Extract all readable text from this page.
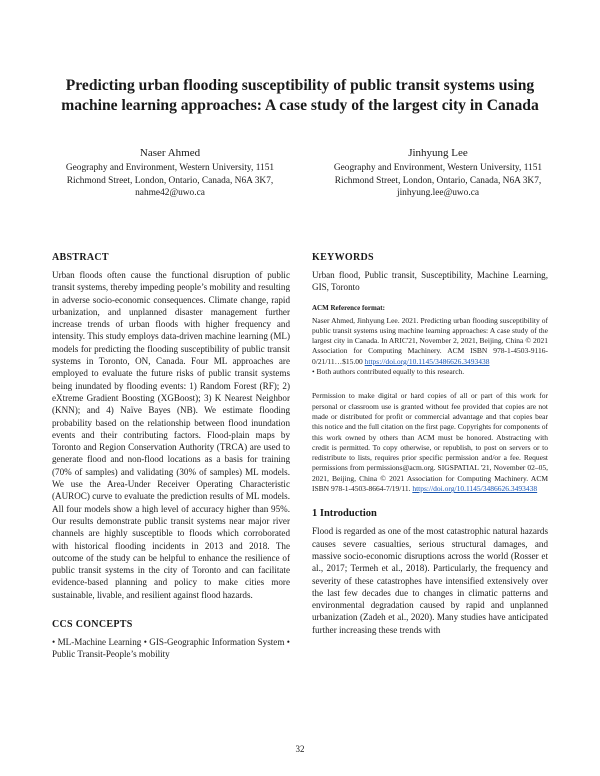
Predicting urban flooding susceptibility of public transit systems using machine learning approaches: A case study of the largest city in Canada
Naser Ahmed
Geography and Environment, Western University, 1151 Richmond Street, London, Ontario, Canada, N6A 3K7,
nahme42@uwo.ca
Jinhyung Lee
Geography and Environment, Western University, 1151 Richmond Street, London, Ontario, Canada, N6A 3K7,
jinhyung.lee@uwo.ca
ABSTRACT

Urban floods often cause the functional disruption of public transit systems, thereby impeding people’s mobility and resulting in adverse socio-economic consequences. Climate change, rapid urbanization, and unplanned disaster management further increase trends of urban floods with higher frequency and intensity. This study employs data-driven machine learning (ML) models for predicting the flooding susceptibility of public transit systems in Toronto, ON, Canada. Four ML approaches are employed to evaluate the future risks of public transit systems being inundated by flooding events: 1) Random Forest (RF); 2) eXtreme Gradient Boosting (XGBoost); 3) K Nearest Neighbor (KNN); and 4) Naïve Bayes (NB). We estimate flooding probability based on the relationship between flood inundation events and their contributing factors. Flood-plain maps by Toronto and Region Conservation Authority (TRCA) are used to generate flood and non-flood locations as a basis for training (70% of samples) and validating (30% of samples) ML models. We use the Area-Under Receiver Operating Characteristic (AUROC) curve to evaluate the prediction results of ML models. All four models show a high level of accuracy higher than 95%. Our results demonstrate public transit systems near major river channels are highly susceptible to floods which corroborated with historical flooding incidents in 2013 and 2018. The outcome of the study can be helpful to enhance the resilience of public transit systems in the city of Toronto and can facilitate evidence-based planning and policy to make cities more sustainable, livable, and resilient against flood hazards.

CCS CONCEPTS

• ML-Machine Learning • GIS-Geographic Information System • Public Transit-People’s mobility

KEYWORDS

Urban flood, Public transit, Susceptibility, Machine Learning, GIS, Toronto

ACM Reference format:

Naser Ahmed, Jinhyung Lee. 2021. Predicting urban flooding susceptibility of public transit systems using machine learning approaches: A case study of the largest city in Canada. In ARIC'21, November 2, 2021, Beijing, China © 2021 Association for Computing Machinery. ACM ISBN 978-1-4503-9116-0/21/11…$15.00 https://doi.org/10.1145/3486626.3493438

• Both authors contributed equally to this research.

Permission to make digital or hard copies of all or part of this work for personal or classroom use is granted without fee provided that copies are not made or distributed for profit or commercial advantage and that copies bear this notice and the full citation on the first page. Copyrights for components of this work owned by others than ACM must be honored. Abstracting with credit is permitted. To copy otherwise, or republish, to post on servers or to redistribute to lists, requires prior specific permission and/or a fee. Request permissions from permissions@acm.org. SIGSPATIAL '21, November 02–05, 2021, Beijing, China © 2021 Association for Computing Machinery. ACM ISBN 978-1-4503-8664-7/19/11. https://doi.org/10.1145/3486626.3493438

1 Introduction

Flood is regarded as one of the most catastrophic natural hazards causes severe casualties, serious structural damages, and massive socio-economic disruptions across the world (Rosser et al., 2017; Termeh et al., 2018). Particularly, the frequency and severity of these catastrophes have intensified extensively over the last few decades due to changes in climatic patterns and environmental degradation caused by rapid and unplanned urbanization (Zadeh et al., 2020). Many studies have anticipated further increasing these trends with

32
